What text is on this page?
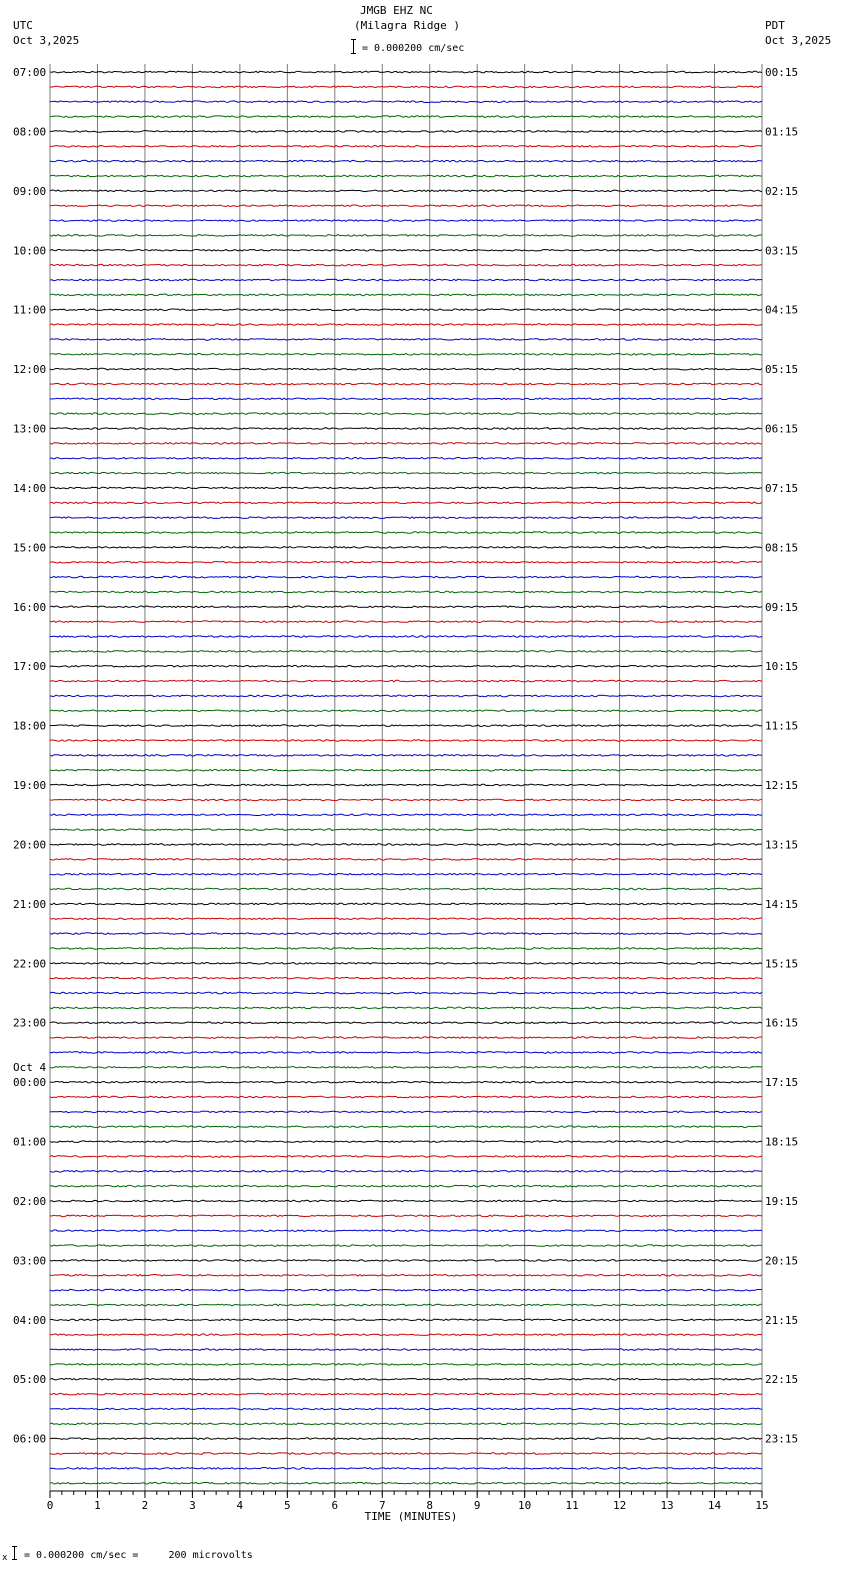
JMGB EHZ NC
(Milagra Ridge )
UTC
Oct 3,2025
PDT
Oct 3,2025
= 0.000200 cm/sec
07:00
08:00
09:00
10:00
11:00
12:00
13:00
14:00
15:00
16:00
17:00
18:00
19:00
20:00
21:00
22:00
23:00
00:00
01:00
02:00
03:00
04:00
05:00
06:00
00:15
01:15
02:15
03:15
04:15
05:15
06:15
07:15
08:15
09:15
10:15
11:15
12:15
13:15
14:15
15:15
16:15
17:15
18:15
19:15
20:15
21:15
22:15
23:15
Oct 4
0	1	2	3	4	5	6	7	8	9	10	11	12	13	14	15
TIME (MINUTES)
x = 0.000200 cm/sec =     200 microvolts
